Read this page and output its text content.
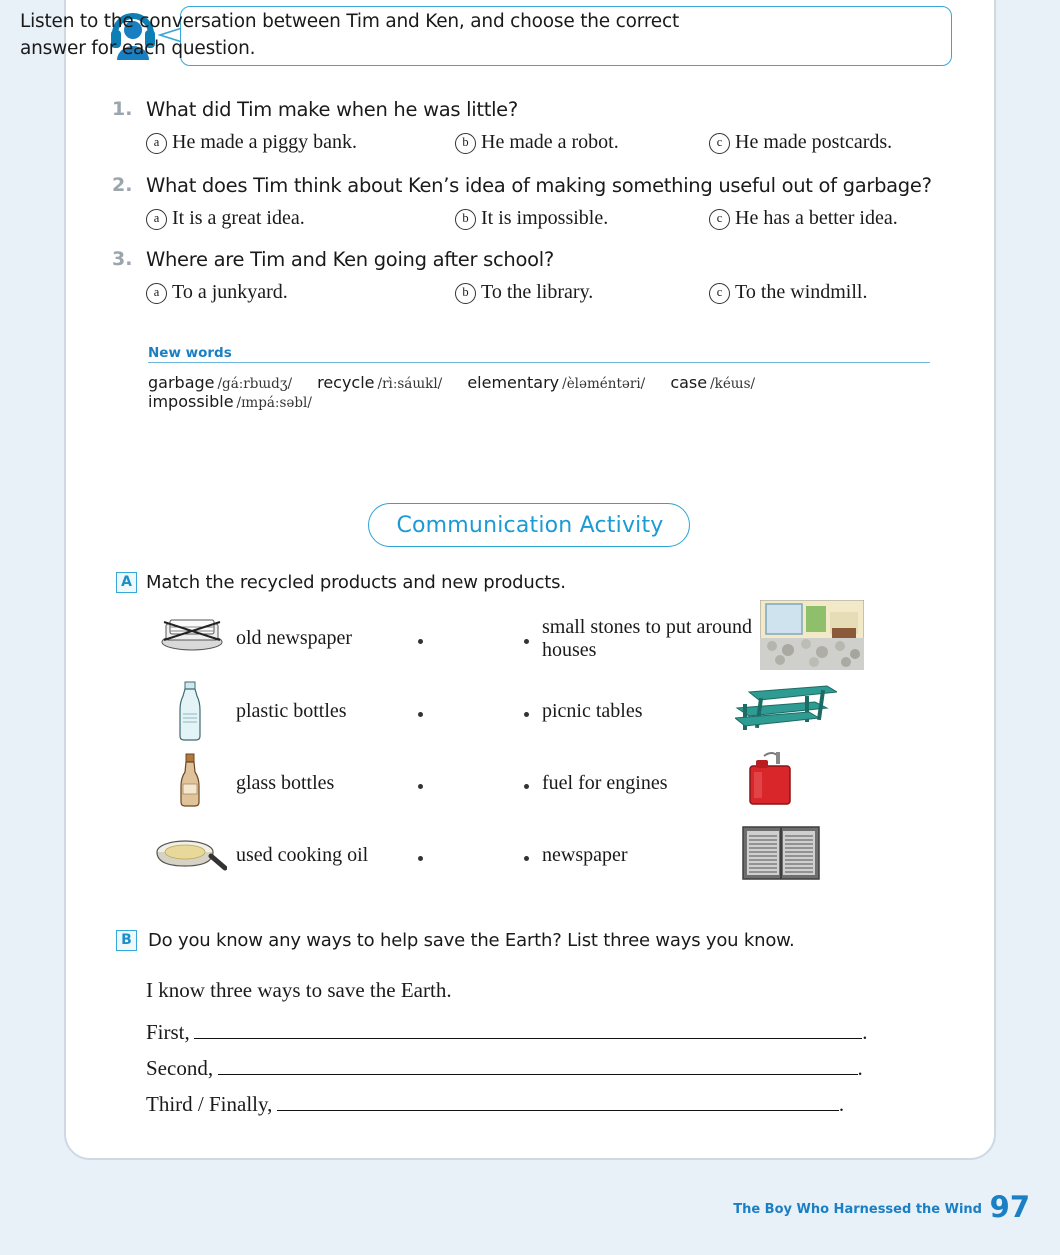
Listen to the conversation between Tim and Ken, and choose the correct answer for each question.
1. What did Tim make when he was little?
a He made a piggy bank.	b He made a robot.	c He made postcards.
2. What does Tim think about Ken’s idea of making something useful out of garbage?
a It is a great idea.	b It is impossible.	c He has a better idea.
3. Where are Tim and Ken going after school?
a To a junkyard.	b To the library.	c To the windmill.
New words
garbage /gáːrbɯdʒ/ recycle /rìːsáɯkl/ elementary /èləméntəri/ case /kéɯs/ impossible /ɪmpáːsəbl/
Communication Activity
A Match the recycled products and new products.
old newspaper
plastic bottles
glass bottles
used cooking oil
small stones to put around houses
picnic tables
fuel for engines
newspaper
B Do you know any ways to help save the Earth? List three ways you know.
I know three ways to save the Earth.
First,	.
Second,	.
Third / Finally,	.
The Boy Who Harnessed the Wind 97
